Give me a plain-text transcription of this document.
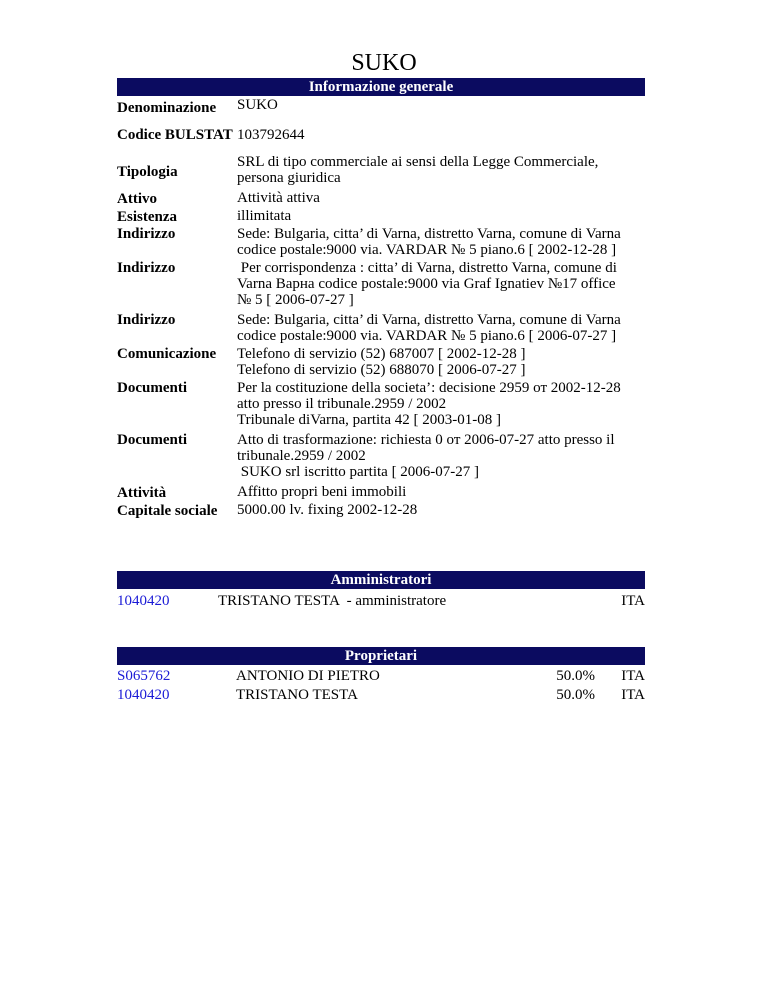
SUKO
Informazione generale
Denominazione	SUKO
Codice BULSTAT 103792644
Tipologia
SRL di tipo commerciale ai sensi della Legge Commerciale,
persona giuridica
Attivo	Attività attiva
Esistenza	illimitata
Indirizzo	Sede: Bulgaria, citta’ di Varna, distretto Varna, comune di Varna
codice postale:9000 via. VARDAR № 5 piano.6 [ 2002-12-28 ]
Indirizzo	Per corrispondenza : citta’ di Varna, distretto Varna, comune di
Varna Варна codice postale:9000 via Graf Ignatiev №17 office
№ 5 [ 2006-07-27 ]
Indirizzo	Sede: Bulgaria, citta’ di Varna, distretto Varna, comune di Varna
codice postale:9000 via. VARDAR № 5 piano.6 [ 2006-07-27 ]
Comunicazione	Telefono di servizio (52) 687007 [ 2002-12-28 ]
Telefono di servizio (52) 688070 [ 2006-07-27 ]
Documenti	Per la costituzione della societa’: decisione 2959 от 2002-12-28
atto presso il tribunale.2959 / 2002
Tribunale diVarna, partita 42 [ 2003-01-08 ]
Documenti	Atto di trasformazione: richiesta 0 от 2006-07-27 atto presso il
tribunale.2959 / 2002
SUKO srl iscritto partita [ 2006-07-27 ]
Attività	Affitto propri beni immobili
Capitale sociale	5000.00 lv. fixing 2002-12-28
Amministratori
1040420	TRISTANO TESTA  - amministratore	ITA
Proprietari
S065762	ANTONIO DI PIETRO	50.0% ITA
1040420	TRISTANO TESTA	50.0% ITA
